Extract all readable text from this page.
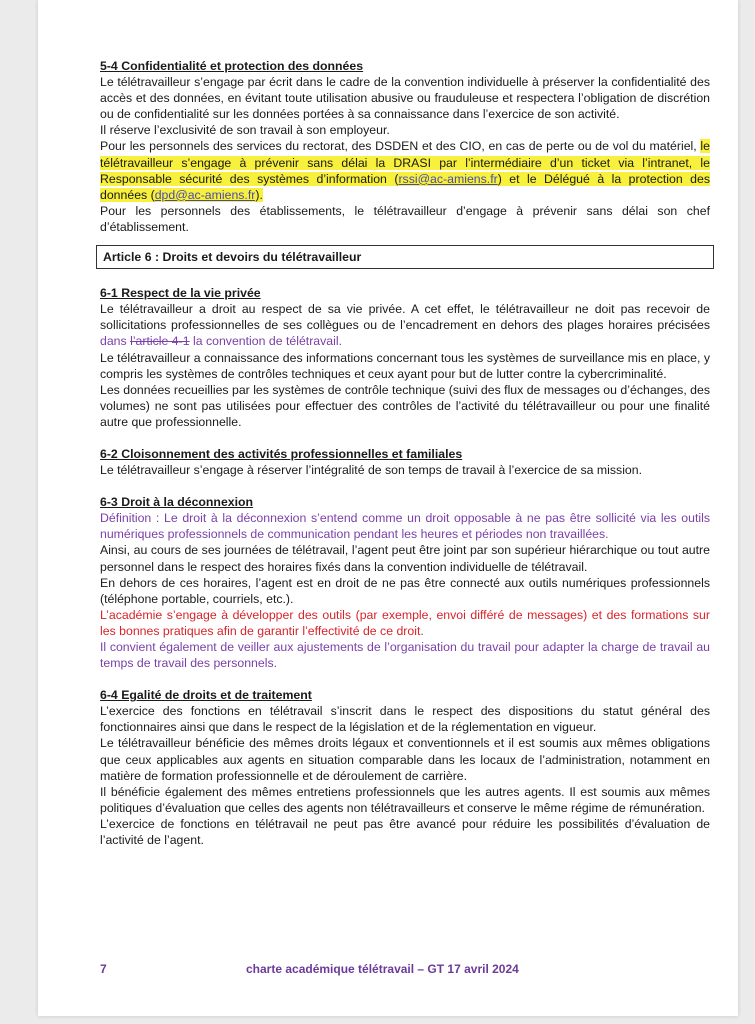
5-4 Confidentialité et protection des données

Le télétravailleur s’engage par écrit dans le cadre de la convention individuelle à préserver la confidentialité des accès et des données, en évitant toute utilisation abusive ou frauduleuse et respectera l’obligation de discrétion ou de confidentialité sur les données portées à sa connaissance dans l’exercice de son activité.

Il réserve l’exclusivité de son travail à son employeur.

Pour les personnels des services du rectorat, des DSDEN et des CIO, en cas de perte ou de vol du matériel, le télétravailleur s’engage à prévenir sans délai la DRASI par l’intermédiaire d’un ticket via l’intranet, le Responsable sécurité des systèmes d’information (rssi@ac-amiens.fr) et le Délégué à la protection des données (dpd@ac-amiens.fr).

Pour les personnels des établissements, le télétravailleur d’engage à prévenir sans délai son chef d’établissement.

Article 6 : Droits et devoirs du télétravailleur

6-1 Respect de la vie privée

Le télétravailleur a droit au respect de sa vie privée. A cet effet, le télétravailleur ne doit pas recevoir de sollicitations professionnelles de ses collègues ou de l’encadrement en dehors des plages horaires précisées dans l’article 4-1 la convention de télétravail.

Le télétravailleur a connaissance des informations concernant tous les systèmes de surveillance mis en place, y compris les systèmes de contrôles techniques et ceux ayant pour but de lutter contre la cybercriminalité.

Les données recueillies par les systèmes de contrôle technique (suivi des flux de messages ou d’échanges, des volumes) ne sont pas utilisées pour effectuer des contrôles de l’activité du télétravailleur ou pour une finalité autre que professionnelle.

6-2 Cloisonnement des activités professionnelles et familiales

Le télétravailleur s’engage à réserver l’intégralité de son temps de travail à l’exercice de sa mission.

6-3 Droit à la déconnexion

Définition : Le droit à la déconnexion s’entend comme un droit opposable à ne pas être sollicité via les outils numériques professionnels de communication pendant les heures et périodes non travaillées.

Ainsi, au cours de ses journées de télétravail, l’agent peut être joint par son supérieur hiérarchique ou tout autre personnel dans le respect des horaires fixés dans la convention individuelle de télétravail.

En dehors de ces horaires, l’agent est en droit de ne pas être connecté aux outils numériques professionnels (téléphone portable, courriels, etc.).

L’académie s’engage à développer des outils (par exemple, envoi différé de messages) et des formations sur les bonnes pratiques afin de garantir l’effectivité de ce droit.

Il convient également de veiller aux ajustements de l’organisation du travail pour adapter la charge de travail au temps de travail des personnels.

6-4 Egalité de droits et de traitement

L’exercice des fonctions en télétravail s’inscrit dans le respect des dispositions du statut général des fonctionnaires ainsi que dans le respect de la législation et de la réglementation en vigueur.

Le télétravailleur bénéficie des mêmes droits légaux et conventionnels et il est soumis aux mêmes obligations que ceux applicables aux agents en situation comparable dans les locaux de l’administration, notamment en matière de formation professionnelle et de déroulement de carrière.

Il bénéficie également des mêmes entretiens professionnels que les autres agents. Il est soumis aux mêmes politiques d’évaluation que celles des agents non télétravailleurs et conserve le même régime de rémunération.

L’exercice de fonctions en télétravail ne peut pas être avancé pour réduire les possibilités d’évaluation de l’activité de l’agent.

7	charte académique télétravail – GT 17 avril 2024
